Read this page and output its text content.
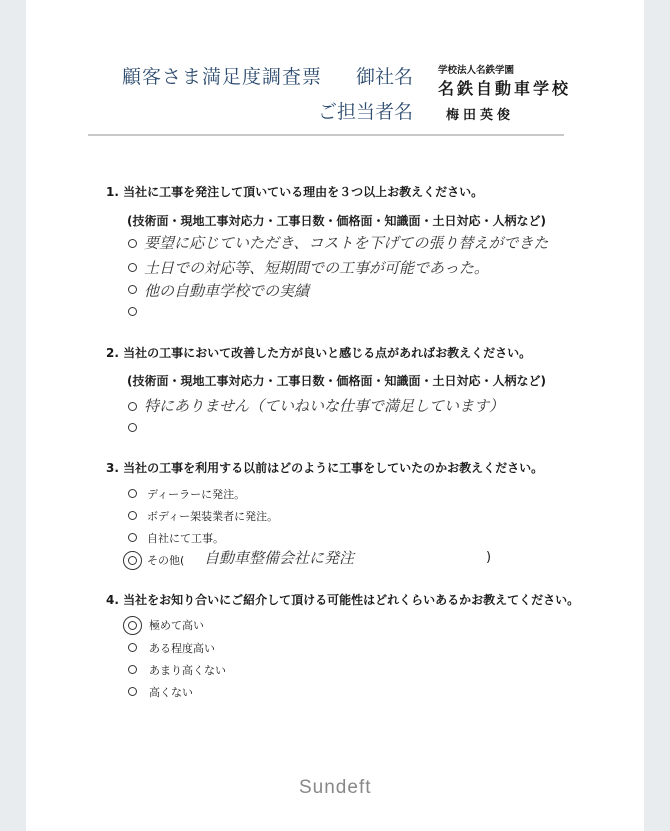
顧客さま満足度調査票 御社名
ご担当者名
学校法人名鉄学園
名鉄自動車学校
梅田英俊
1. 当社に工事を発注して頂いている理由を３つ以上お教えください。
(技術面・現地工事対応力・工事日数・価格面・知識面・土日対応・人柄など)
要望に応じていただき、コストを下げての張り替えができた
土日での対応等、短期間での工事が可能であった。
他の自動車学校での実績
2. 当社の工事において改善した方が良いと感じる点があればお教えください。
(技術面・現地工事対応力・工事日数・価格面・知識面・土日対応・人柄など)
特にありません（ていねいな仕事で満足しています）
3. 当社の工事を利用する以前はどのように工事をしていたのかお教えください。
ディーラーに発注。
ボディー架装業者に発注。
自社にて工事。
その他( 自動車整備会社に発注	)
4. 当社をお知り合いにご紹介して頂ける可能性はどれくらいあるかお教えてください。
極めて高い
ある程度高い
あまり高くない
高くない
Sundeft
